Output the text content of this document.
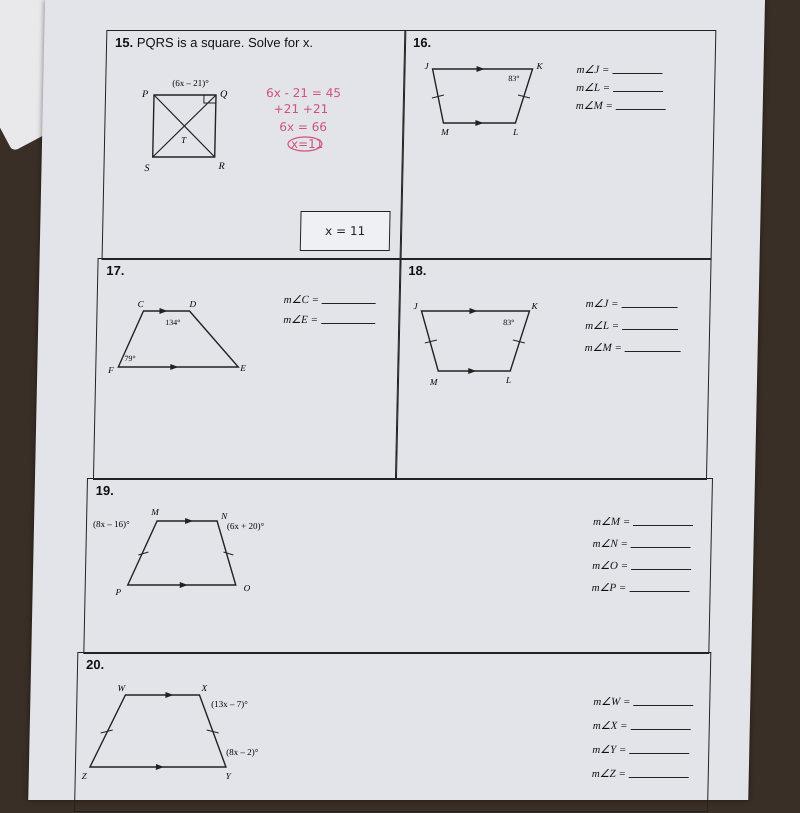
15. PQRS is a square. Solve for x.
P	Q
R
S
T
(6x – 21)°
6x - 21 = 45
+21 +21
6x = 66
x=11
x = 11
16.
J	K
L
M
83°
m∠J =
m∠L =
m∠M =
17.
C	D
E
F
134°
79°
m∠C =
m∠E =
18.
J	K
L
M
83°
m∠J =
m∠L =
m∠M =
19.
M	N
O
P
(8x – 16)°	(6x + 20)°	m∠M =
m∠N =
m∠O =
m∠P =
20.
W	X
Y
Z
(13x – 7)°
(8x – 2)°
m∠W =
m∠X =
m∠Y =
m∠Z =
